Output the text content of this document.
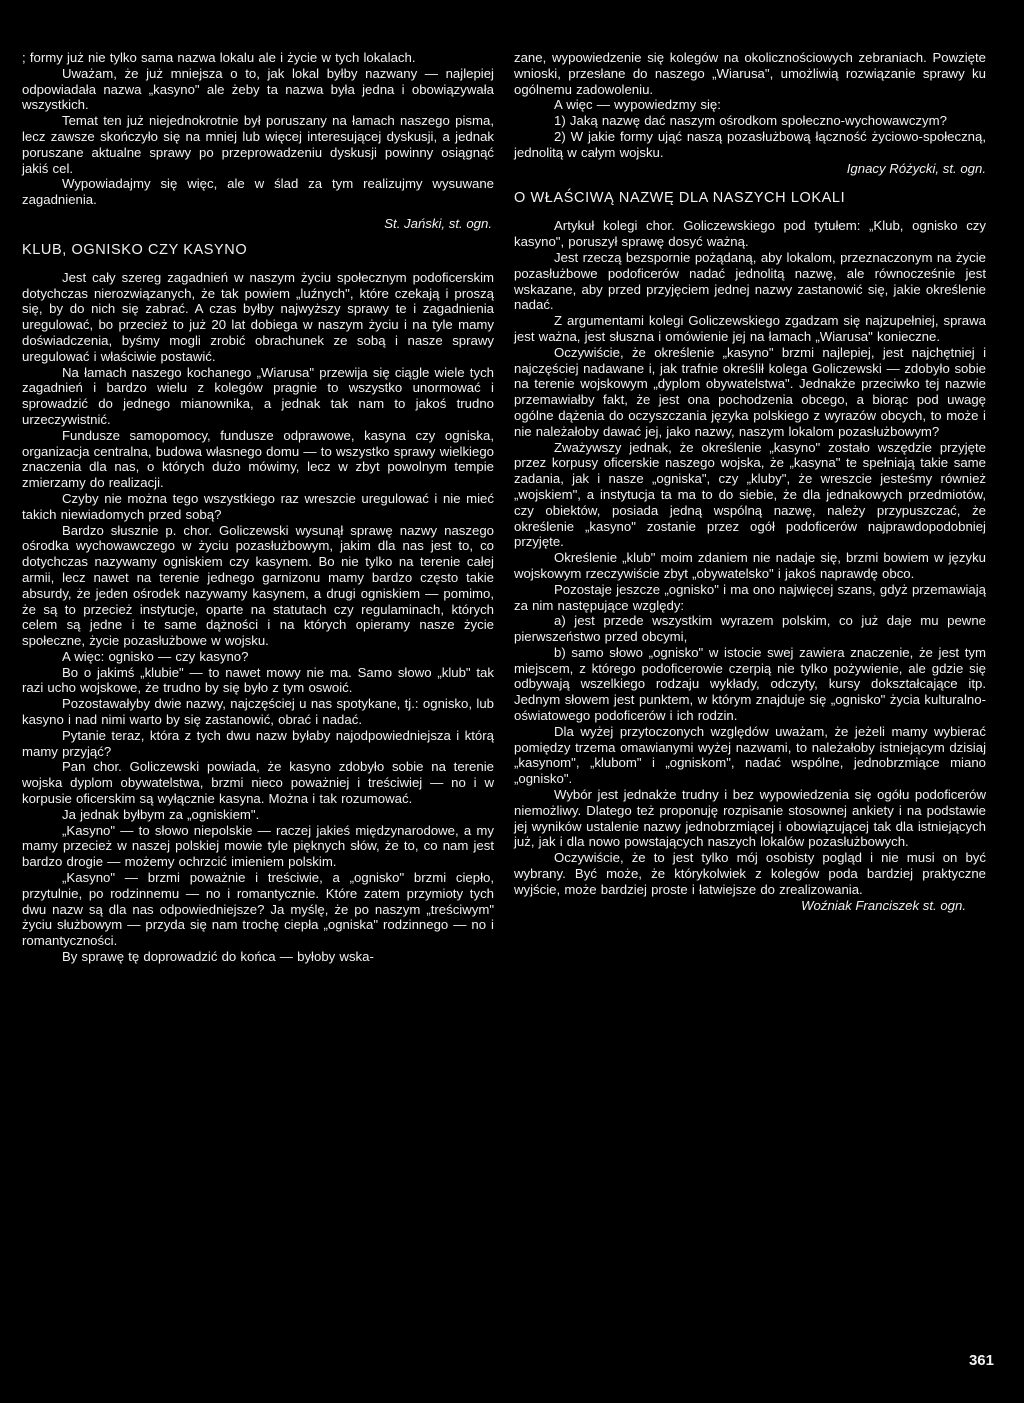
; formy już nie tylko sama nazwa lokalu ale i życie w tych lokalach.

Uważam, że już mniejsza o to, jak lokal byłby nazwany — najlepiej odpowiadała nazwa „kasyno" ale żeby ta nazwa była jedna i obowiązywała wszystkich.

Temat ten już niejednokrotnie był poruszany na łamach naszego pisma, lecz zawsze skończyło się na mniej lub więcej interesującej dyskusji, a jednak poruszane aktualne sprawy po przeprowadzeniu dyskusji powinny osiągnąć jakiś cel.

Wypowiadajmy się więc, ale w ślad za tym realizujmy wysuwane zagadnienia.

St. Jański, st. ogn.

KLUB, OGNISKO CZY KASYNO

Jest cały szereg zagadnień w naszym życiu społecznym podoficerskim dotychczas nierozwiązanych, że tak powiem „luźnych", które czekają i proszą się, by do nich się zabrać. A czas byłby najwyższy sprawy te i zagadnienia uregulować, bo przecież to już 20 lat dobiega w naszym życiu i na tyle mamy doświadczenia, byśmy mogli zrobić obrachunek ze sobą i nasze sprawy uregulować i właściwie postawić.

Na łamach naszego kochanego „Wiarusa" przewija się ciągle wiele tych zagadnień i bardzo wielu z kolegów pragnie to wszystko unormować i sprowadzić do jednego mianownika, a jednak tak nam to jakoś trudno urzeczywistnić.

Fundusze samopomocy, fundusze odprawowe, kasyna czy ogniska, organizacja centralna, budowa własnego domu — to wszystko sprawy wielkiego znaczenia dla nas, o których dużo mówimy, lecz w zbyt powolnym tempie zmierzamy do realizacji.

Czyby nie można tego wszystkiego raz wreszcie uregulować i nie mieć takich niewiadomych przed sobą?

Bardzo słusznie p. chor. Goliczewski wysunął sprawę nazwy naszego ośrodka wychowawczego w życiu pozasłużbowym, jakim dla nas jest to, co dotychczas nazywamy ogniskiem czy kasynem. Bo nie tylko na terenie całej armii, lecz nawet na terenie jednego garnizonu mamy bardzo często takie absurdy, że jeden ośrodek nazywamy kasynem, a drugi ogniskiem — pomimo, że są to przecież instytucje, oparte na statutach czy regulaminach, których celem są jedne i te same dążności i na których opieramy nasze życie społeczne, życie pozasłużbowe w wojsku.

A więc: ognisko — czy kasyno?

Bo o jakimś „klubie" — to nawet mowy nie ma. Samo słowo „klub" tak razi ucho wojskowe, że trudno by się było z tym oswoić.

Pozostawałyby dwie nazwy, najczęściej u nas spotykane, tj.: ognisko, lub kasyno i nad nimi warto by się zastanowić, obrać i nadać.

Pytanie teraz, która z tych dwu nazw byłaby najodpowiedniejsza i którą mamy przyjąć?

Pan chor. Goliczewski powiada, że kasyno zdobyło sobie na terenie wojska dyplom obywatelstwa, brzmi nieco poważniej i treściwiej — no i w korpusie oficerskim są wyłącznie kasyna. Można i tak rozumować.

Ja jednak byłbym za „ogniskiem".

„Kasyno" — to słowo niepolskie — raczej jakieś międzynarodowe, a my mamy przecież w naszej polskiej mowie tyle pięknych słów, że to, co nam jest bardzo drogie — możemy ochrzcić imieniem polskim.

„Kasyno" — brzmi poważnie i treściwie, a „ognisko" brzmi ciepło, przytulnie, po rodzinnemu — no i romantycznie. Które zatem przymioty tych dwu nazw są dla nas odpowiedniejsze? Ja myślę, że po naszym „treściwym" życiu służbowym — przyda się nam trochę ciepła „ogniska" rodzinnego — no i romantyczności.

By sprawę tę doprowadzić do końca — byłoby wska-

zane, wypowiedzenie się kolegów na okolicznościowych zebraniach. Powzięte wnioski, przesłane do naszego „Wiarusa", umożliwią rozwiązanie sprawy ku ogólnemu zadowoleniu.

A więc — wypowiedzmy się:

1) Jaką nazwę dać naszym ośrodkom społeczno-wychowawczym?

2) W jakie formy ująć naszą pozasłużbową łączność życiowo-społeczną, jednolitą w całym wojsku.

Ignacy Różycki, st. ogn.

O WŁAŚCIWĄ NAZWĘ DLA NASZYCH LOKALI

Artykuł kolegi chor. Goliczewskiego pod tytułem: „Klub, ognisko czy kasyno", poruszył sprawę dosyć ważną.

Jest rzeczą bezspornie pożądaną, aby lokalom, przeznaczonym na życie pozasłużbowe podoficerów nadać jednolitą nazwę, ale równocześnie jest wskazane, aby przed przyjęciem jednej nazwy zastanowić się, jakie określenie nadać.

Z argumentami kolegi Goliczewskiego zgadzam się najzupełniej, sprawa jest ważna, jest słuszna i omówienie jej na łamach „Wiarusa" konieczne.

Oczywiście, że określenie „kasyno" brzmi najlepiej, jest najchętniej i najczęściej nadawane i, jak trafnie określił kolega Goliczewski — zdobyło sobie na terenie wojskowym „dyplom obywatelstwa". Jednakże przeciwko tej nazwie przemawiałby fakt, że jest ona pochodzenia obcego, a biorąc pod uwagę ogólne dążenia do oczyszczania języka polskiego z wyrazów obcych, to może i nie należałoby dawać jej, jako nazwy, naszym lokalom pozasłużbowym?

Zważywszy jednak, że określenie „kasyno" zostało wszędzie przyjęte przez korpusy oficerskie naszego wojska, że „kasyna" te spełniają takie same zadania, jak i nasze „ogniska", czy „kluby", że wreszcie jesteśmy również „wojskiem", a instytucja ta ma to do siebie, że dla jednakowych przedmiotów, czy obiektów, posiada jedną wspólną nazwę, należy przypuszczać, że określenie „kasyno" zostanie przez ogół podoficerów najprawdopodobniej przyjęte.

Określenie „klub" moim zdaniem nie nadaje się, brzmi bowiem w języku wojskowym rzeczywiście zbyt „obywatelsko" i jakoś naprawdę obco.

Pozostaje jeszcze „ognisko" i ma ono najwięcej szans, gdyż przemawiają za nim następujące względy:

a) jest przede wszystkim wyrazem polskim, co już daje mu pewne pierwszeństwo przed obcymi,

b) samo słowo „ognisko" w istocie swej zawiera znaczenie, że jest tym miejscem, z którego podoficerowie czerpią nie tylko pożywienie, ale gdzie się odbywają wszelkiego rodzaju wykłady, odczyty, kursy dokształcające itp. Jednym słowem jest punktem, w którym znajduje się „ognisko" życia kulturalno-oświatowego podoficerów i ich rodzin.

Dla wyżej przytoczonych względów uważam, że jeżeli mamy wybierać pomiędzy trzema omawianymi wyżej nazwami, to należałoby istniejącym dzisiaj „kasynom", „klubom" i „ogniskom", nadać wspólne, jednobrzmiące miano „ognisko".

Wybór jest jednakże trudny i bez wypowiedzenia się ogółu podoficerów niemożliwy. Dlatego też proponuję rozpisanie stosownej ankiety i na podstawie jej wyników ustalenie nazwy jednobrzmiącej i obowiązującej tak dla istniejących już, jak i dla nowo powstających naszych lokalów pozasłużbowych.

Oczywiście, że to jest tylko mój osobisty pogląd i nie musi on być wybrany. Być może, że którykolwiek z kolegów poda bardziej praktyczne wyjście, może bardziej proste i łatwiejsze do zrealizowania.

Woźniak Franciszek st. ogn.

361
